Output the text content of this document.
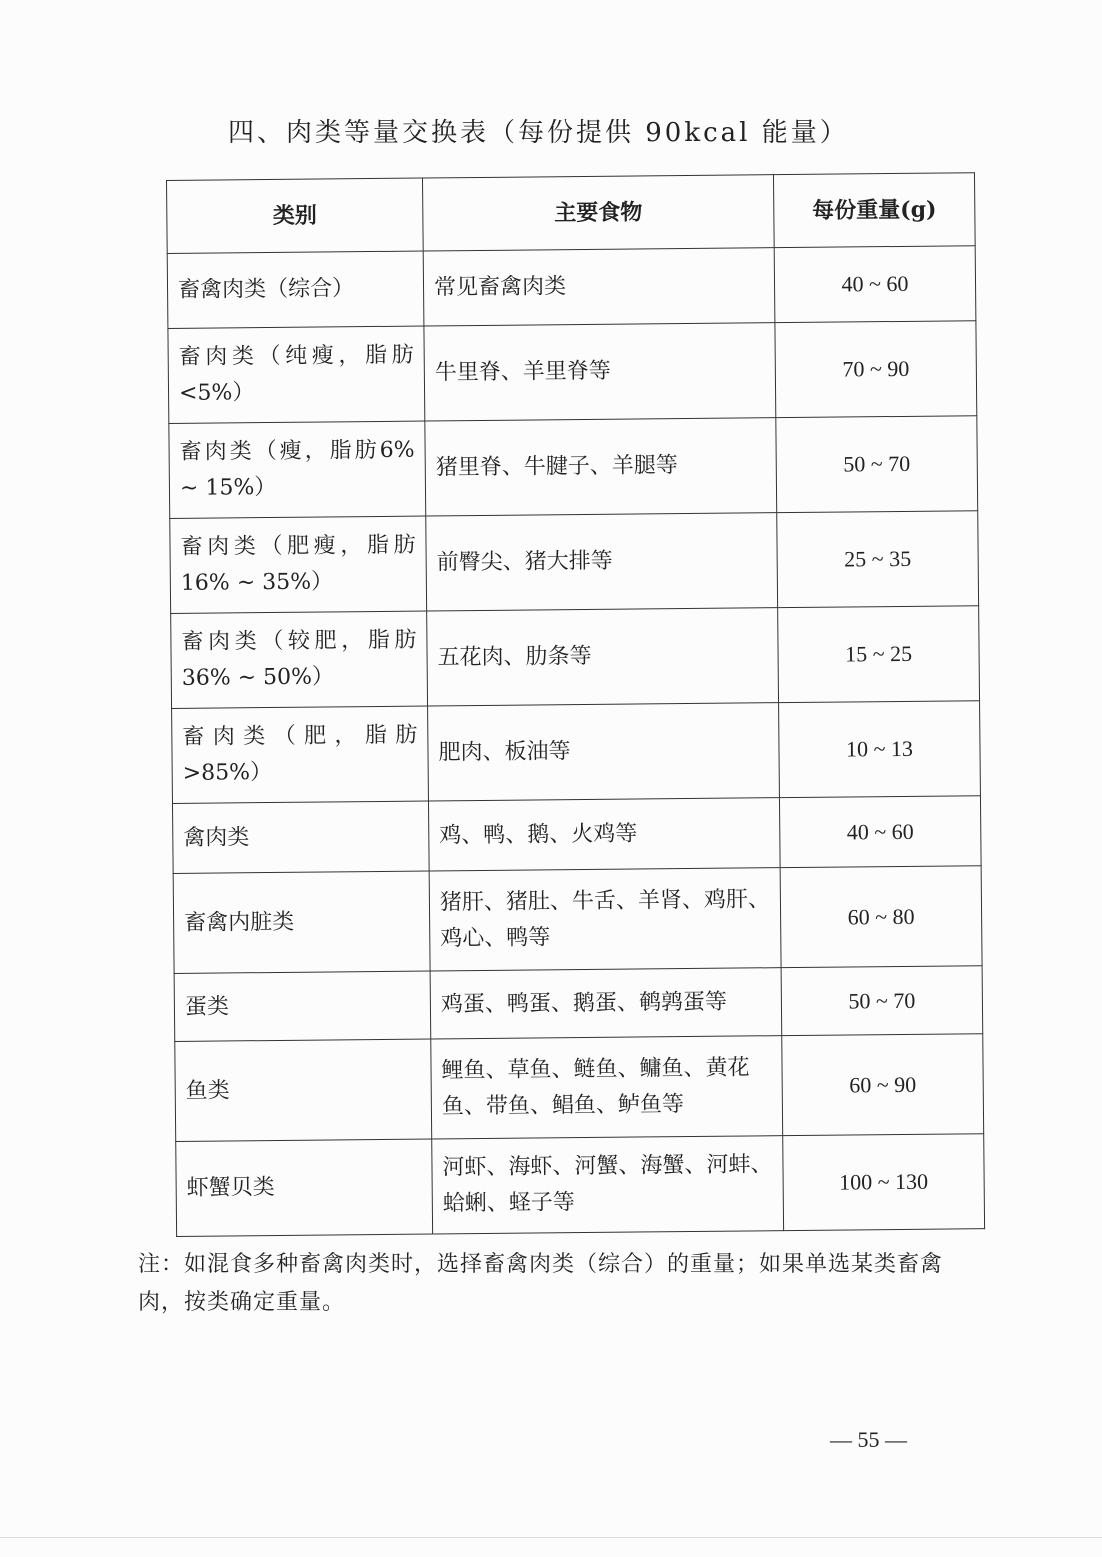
四、肉类等量交换表（每份提供 90kcal 能量）
类别	主要食物	每份重量(g)
畜禽肉类（综合）	常见畜禽肉类	40 ~ 60
畜肉类（纯瘦，脂肪<5%）	牛里脊、羊里脊等	70 ~ 90
畜肉类（瘦，脂肪6% ~ 15%）	猪里脊、牛腱子、羊腿等	50 ~ 70
畜肉类（肥瘦，脂肪16% ~ 35%）	前臀尖、猪大排等	25 ~ 35
畜肉类（较肥，脂肪36% ~ 50%）	五花肉、肋条等	15 ~ 25
畜肉类（肥，脂肪>85%）	肥肉、板油等	10 ~ 13
禽肉类	鸡、鸭、鹅、火鸡等	40 ~ 60
畜禽内脏类	猪肝、猪肚、牛舌、羊肾、鸡肝、鸡心、鸭等	60 ~ 80
蛋类	鸡蛋、鸭蛋、鹅蛋、鹌鹑蛋等	50 ~ 70
鱼类	鲤鱼、草鱼、鲢鱼、鳙鱼、黄花鱼、带鱼、鲳鱼、鲈鱼等	60 ~ 90
虾蟹贝类	河虾、海虾、河蟹、海蟹、河蚌、蛤蜊、蛏子等	100 ~ 130
注：如混食多种畜禽肉类时，选择畜禽肉类（综合）的重量；如果单选某类畜禽肉，按类确定重量。
— 55 —
